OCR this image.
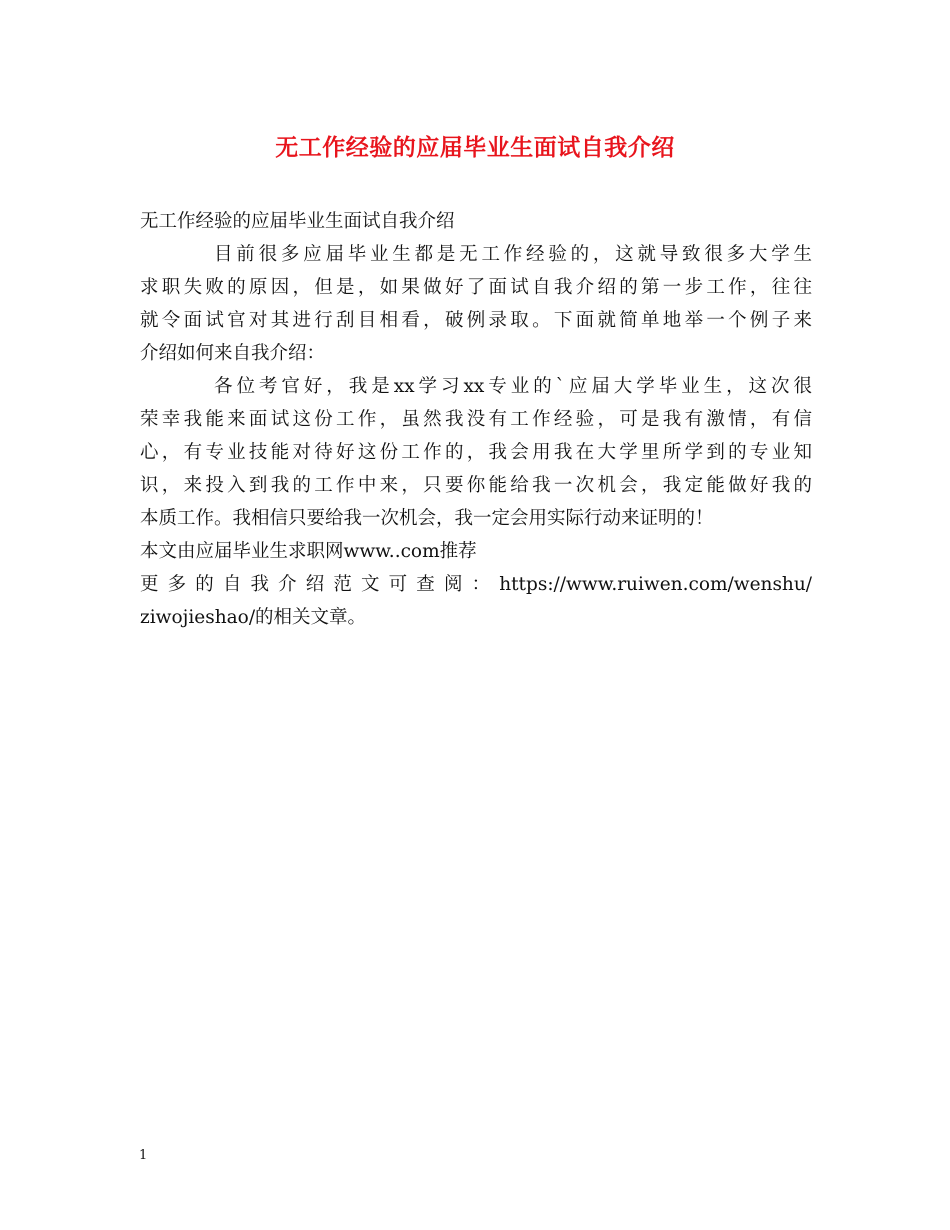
无工作经验的应届毕业生面试自我介绍

无工作经验的应届毕业生面试自我介绍

目前很多应届毕业生都是无工作经验的，这就导致很多大学生

求职失败的原因，但是，如果做好了面试自我介绍的第一步工作，往往

就令面试官对其进行刮目相看，破例录取。下面就简单地举一个例子来

介绍如何来自我介绍：

各位考官好，我是xx学习xx专业的`应届大学毕业生，这次很

荣幸我能来面试这份工作，虽然我没有工作经验，可是我有激情，有信

心，有专业技能对待好这份工作的，我会用我在大学里所学到的专业知

识，来投入到我的工作中来，只要你能给我一次机会，我定能做好我的

本质工作。我相信只要给我一次机会，我一定会用实际行动来证明的！

本文由应届毕业生求职网www..com推荐

更多的自我介绍范文可查阅：https://www.ruiwen.com/wenshu/

ziwojieshao/的相关文章。

1
